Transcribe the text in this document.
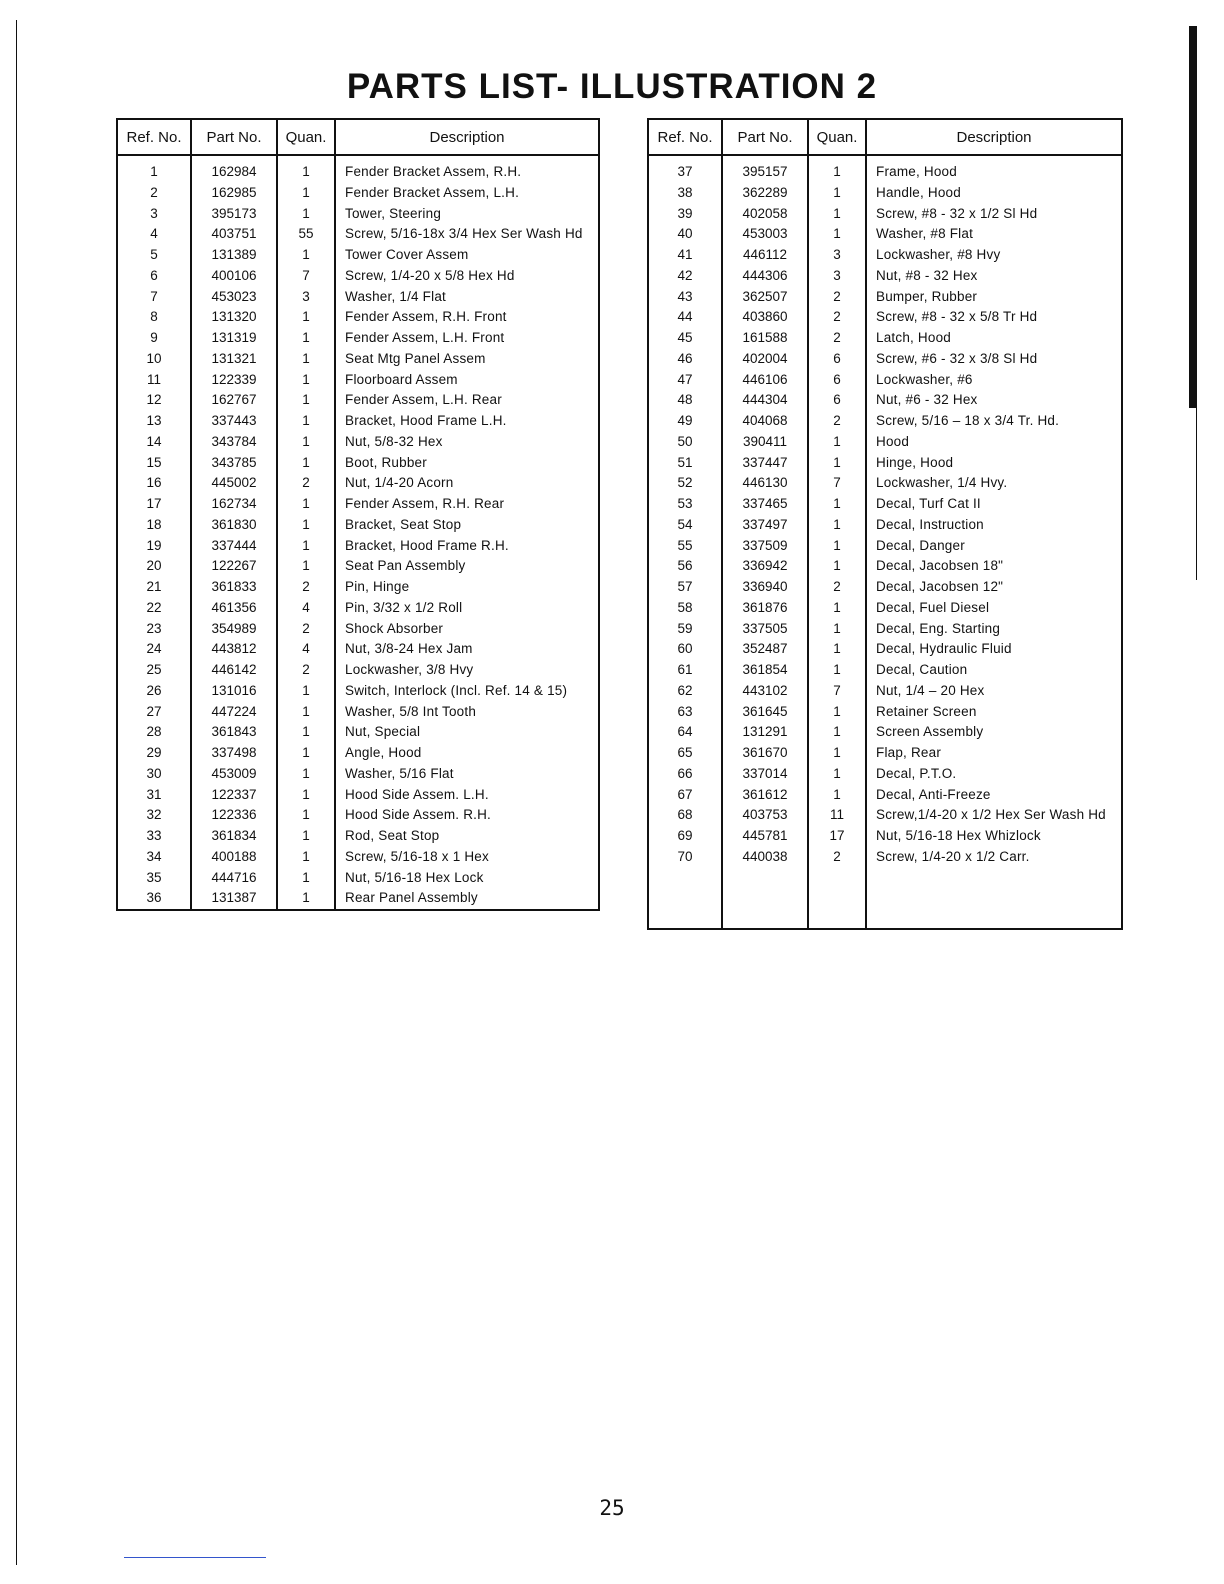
PARTS LIST- ILLUSTRATION 2
Ref. No.	Part No.	Quan.	Description
1	162984	1	Fender Bracket Assem, R.H.
2	162985	1	Fender Bracket Assem, L.H.
3	395173	1	Tower, Steering
4	403751	55	Screw, 5/16-18x 3/4 Hex Ser Wash Hd
5	131389	1	Tower Cover Assem
6	400106	7	Screw, 1/4-20 x 5/8 Hex Hd
7	453023	3	Washer, 1/4 Flat
8	131320	1	Fender Assem, R.H. Front
9	131319	1	Fender Assem, L.H. Front
10	131321	1	Seat Mtg Panel Assem
11	122339	1	Floorboard Assem
12	162767	1	Fender Assem, L.H. Rear
13	337443	1	Bracket, Hood Frame L.H.
14	343784	1	Nut, 5/8-32 Hex
15	343785	1	Boot, Rubber
16	445002	2	Nut, 1/4-20 Acorn
17	162734	1	Fender Assem, R.H. Rear
18	361830	1	Bracket, Seat Stop
19	337444	1	Bracket, Hood Frame R.H.
20	122267	1	Seat Pan Assembly
21	361833	2	Pin, Hinge
22	461356	4	Pin, 3/32 x 1/2 Roll
23	354989	2	Shock Absorber
24	443812	4	Nut, 3/8-24 Hex Jam
25	446142	2	Lockwasher, 3/8 Hvy
26	131016	1	Switch, Interlock (Incl. Ref. 14 & 15)
27	447224	1	Washer, 5/8 Int Tooth
28	361843	1	Nut, Special
29	337498	1	Angle, Hood
30	453009	1	Washer, 5/16 Flat
31	122337	1	Hood Side Assem. L.H.
32	122336	1	Hood Side Assem. R.H.
33	361834	1	Rod, Seat Stop
34	400188	1	Screw, 5/16-18 x 1 Hex
35	444716	1	Nut, 5/16-18 Hex Lock
36	131387	1	Rear Panel Assembly
Ref. No.	Part No.	Quan.	Description
37	395157	1	Frame, Hood
38	362289	1	Handle, Hood
39	402058	1	Screw, #8 - 32 x 1/2 Sl Hd
40	453003	1	Washer, #8 Flat
41	446112	3	Lockwasher, #8 Hvy
42	444306	3	Nut, #8 - 32 Hex
43	362507	2	Bumper, Rubber
44	403860	2	Screw, #8 - 32 x 5/8 Tr Hd
45	161588	2	Latch, Hood
46	402004	6	Screw, #6 - 32 x 3/8 Sl Hd
47	446106	6	Lockwasher, #6
48	444304	6	Nut, #6 - 32 Hex
49	404068	2	Screw, 5/16 – 18 x 3/4 Tr. Hd.
50	390411	1	Hood
51	337447	1	Hinge, Hood
52	446130	7	Lockwasher, 1/4 Hvy.
53	337465	1	Decal, Turf Cat II
54	337497	1	Decal, Instruction
55	337509	1	Decal, Danger
56	336942	1	Decal, Jacobsen 18"
57	336940	2	Decal, Jacobsen 12"
58	361876	1	Decal, Fuel Diesel
59	337505	1	Decal, Eng. Starting
60	352487	1	Decal, Hydraulic Fluid
61	361854	1	Decal, Caution
62	443102	7	Nut, 1/4 – 20 Hex
63	361645	1	Retainer Screen
64	131291	1	Screen Assembly
65	361670	1	Flap, Rear
66	337014	1	Decal, P.T.O.
67	361612	1	Decal, Anti-Freeze
68	403753	11	Screw,1/4-20 x 1/2 Hex Ser Wash Hd
69	445781	17	Nut, 5/16-18 Hex Whizlock
70	440038	2	Screw, 1/4-20 x 1/2 Carr.

25
